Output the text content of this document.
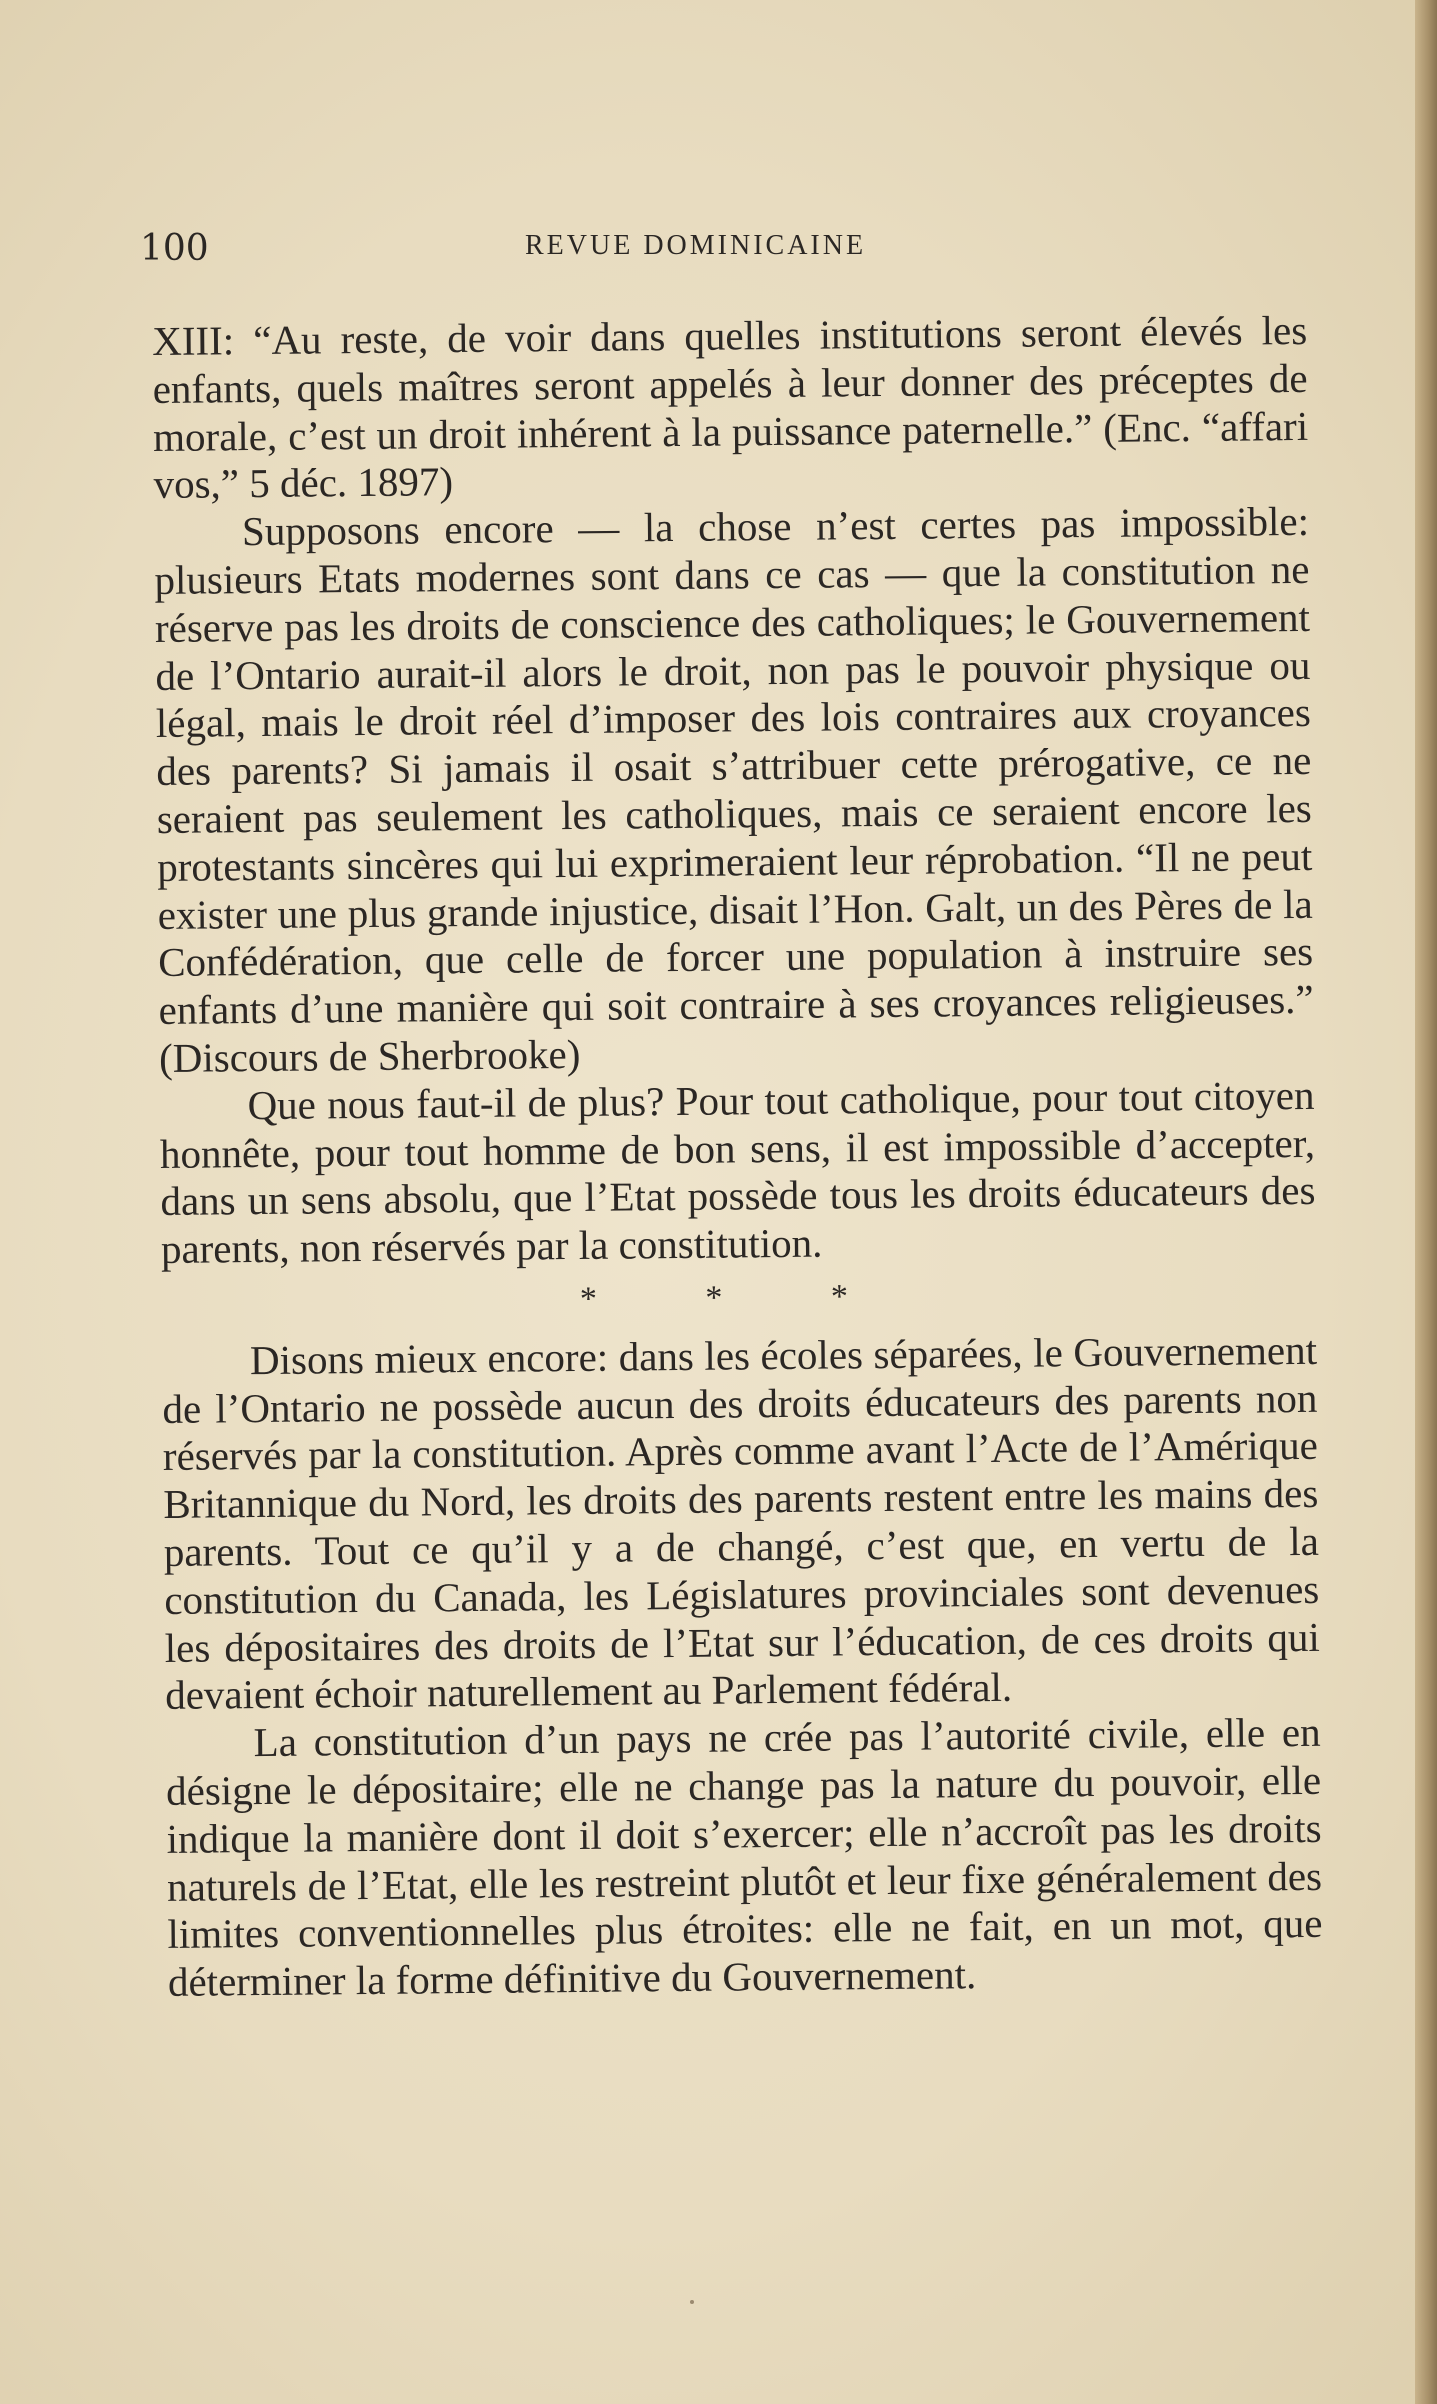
100	REVUE DOMINICAINE

XIII: “Au reste, de voir dans quelles institutions seront élevés les enfants, quels maîtres seront appelés à leur donner des préceptes de morale, c’est un droit inhérent à la puissance paternelle.” (Enc. “affari vos,” 5 déc. 1897)

Supposons encore — la chose n’est certes pas impossible: plusieurs Etats modernes sont dans ce cas — que la constitution ne réserve pas les droits de conscience des catholiques; le Gouvernement de l’Ontario aurait-il alors le droit, non pas le pouvoir physique ou légal, mais le droit réel d’imposer des lois contraires aux croyances des parents? Si jamais il osait s’attribuer cette prérogative, ce ne seraient pas seulement les catholiques, mais ce seraient encore les protestants sincères qui lui exprimeraient leur réprobation. “Il ne peut exister une plus grande injustice, disait l’Hon. Galt, un des Pères de la Confédération, que celle de forcer une population à instruire ses enfants d’une manière qui soit contraire à ses croyances religieuses.” (Discours de Sherbrooke)

Que nous faut-il de plus? Pour tout catholique, pour tout citoyen honnête, pour tout homme de bon sens, il est impossible d’accepter, dans un sens absolu, que l’Etat possède tous les droits éducateurs des parents, non réservés par la constitution.

* * *

Disons mieux encore: dans les écoles séparées, le Gouvernement de l’Ontario ne possède aucun des droits éducateurs des parents non réservés par la constitution. Après comme avant l’Acte de l’Amérique Britannique du Nord, les droits des parents restent entre les mains des parents. Tout ce qu’il y a de changé, c’est que, en vertu de la constitution du Canada, les Législatures provinciales sont devenues les dépositaires des droits de l’Etat sur l’éducation, de ces droits qui devaient échoir naturellement au Parlement fédéral.

La constitution d’un pays ne crée pas l’autorité civile, elle en désigne le dépositaire; elle ne change pas la nature du pouvoir, elle indique la manière dont il doit s’exercer; elle n’accroît pas les droits naturels de l’Etat, elle les restreint plutôt et leur fixe généralement des limites conventionnelles plus étroites: elle ne fait, en un mot, que déterminer la forme définitive du Gouvernement.
